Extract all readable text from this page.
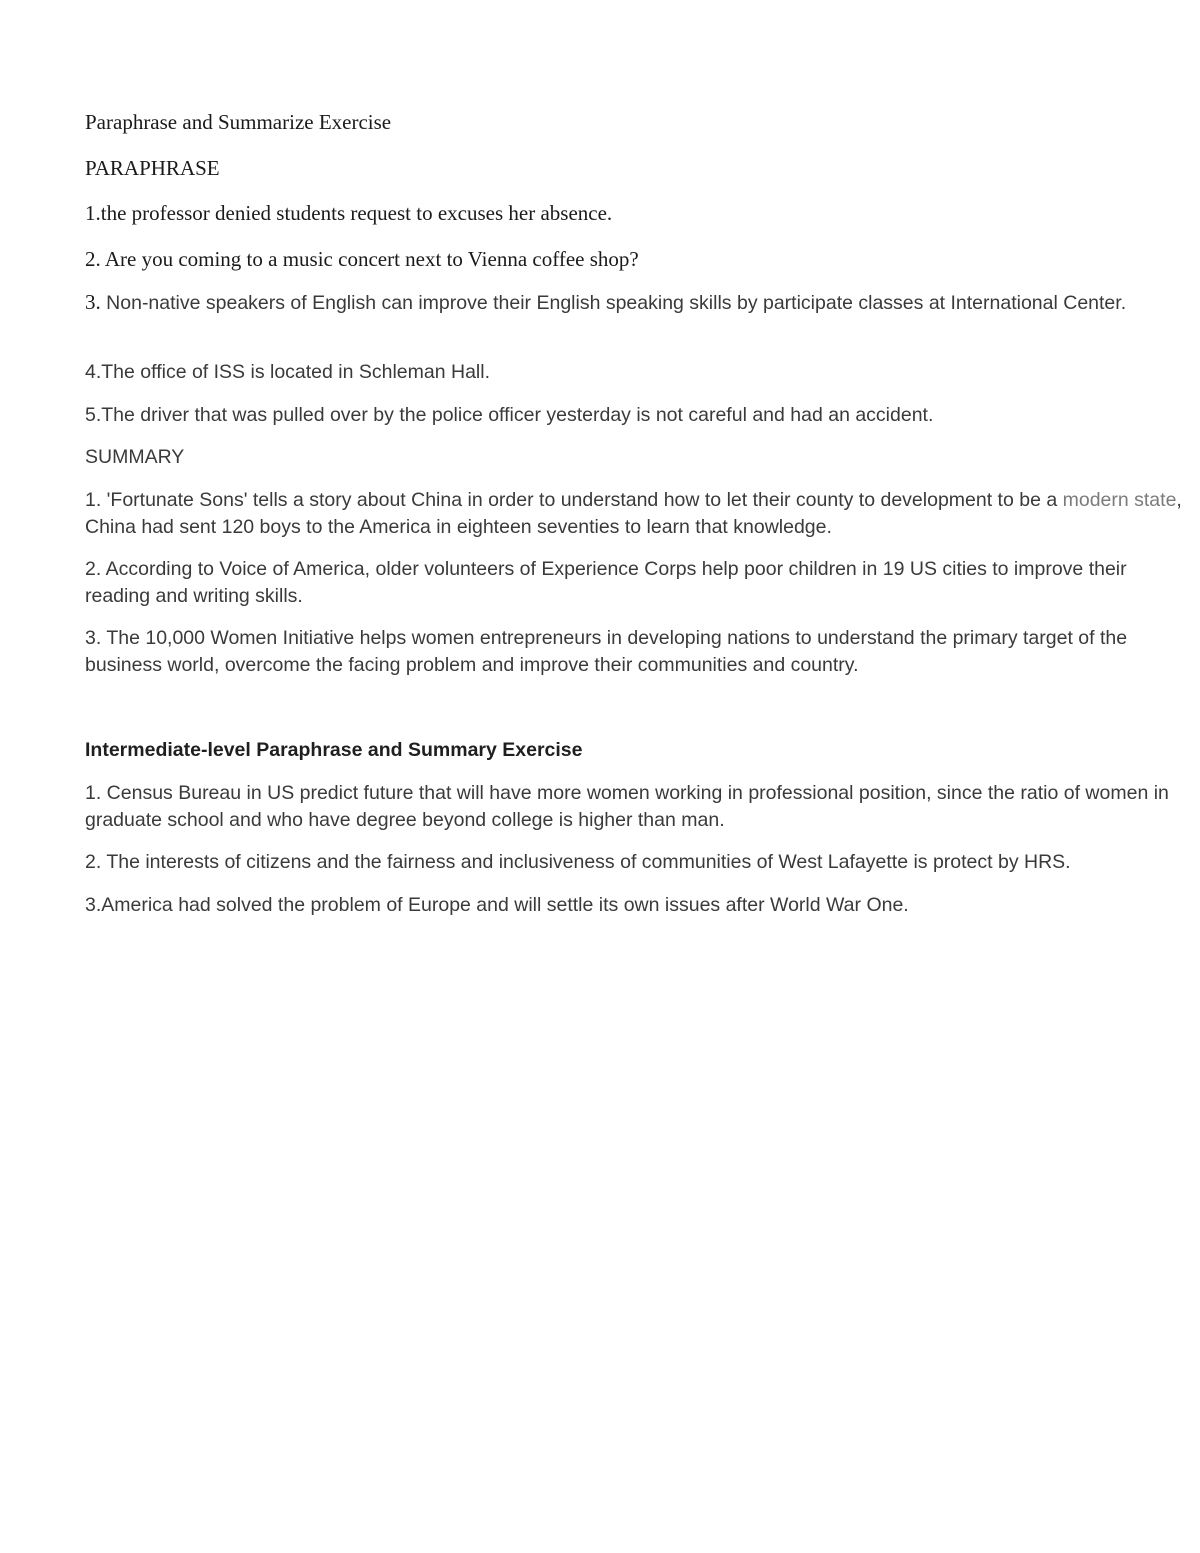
Paraphrase and Summarize Exercise

PARAPHRASE

1.the professor denied students request to excuses her absence.

2. Are you coming to a music concert next to Vienna coffee shop?

3. Non-native speakers of English can improve their English speaking skills by participate classes at International Center.

4.The office of ISS is located in Schleman Hall.

5.The driver that was pulled over by the police officer yesterday is not careful and had an accident.

SUMMARY

1. 'Fortunate Sons' tells a story about China in order to understand how to let their county to development to be a modern state, China had sent 120 boys to the America in eighteen seventies to learn that knowledge.

2. According to Voice of America, older volunteers of Experience Corps help poor children in 19 US cities to improve their reading and writing skills.

3. The 10,000 Women Initiative helps women entrepreneurs in developing nations to understand the primary target of the business world, overcome the facing problem and improve their communities and country.

Intermediate-level Paraphrase and Summary Exercise

1. Census Bureau in US predict future that will have more women working in professional position, since the ratio of women in graduate school and who have degree beyond college is higher than man.

2. The interests of citizens and the fairness and inclusiveness of communities of West Lafayette is protect by HRS.

3.America had solved the problem of Europe and will settle its own issues after World War One.
